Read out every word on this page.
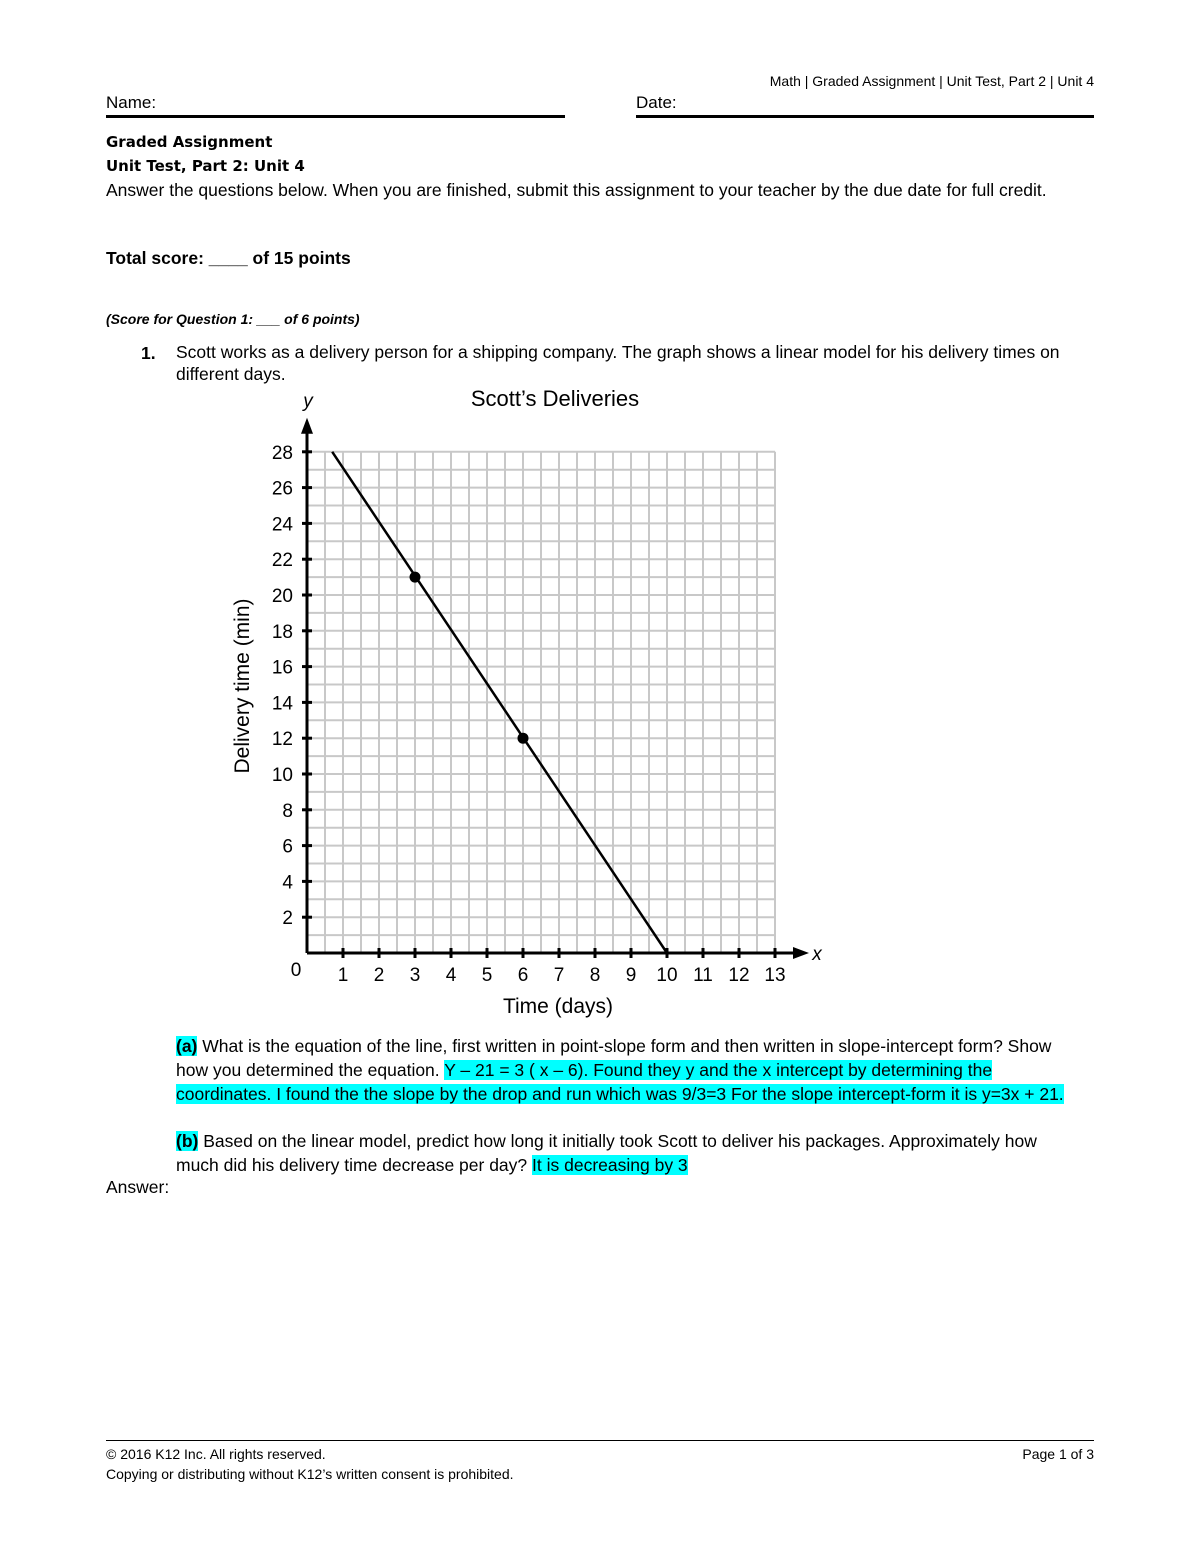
Math | Graded Assignment | Unit Test, Part 2 | Unit 4
Name:	Date:
Graded Assignment
Unit Test, Part 2: Unit 4
Answer the questions below. When you are finished, submit this assignment to your teacher by the due date for full credit.
Total score: ____ of 15 points
(Score for Question 1: ___ of 6 points)
1. Scott works as a delivery person for a shipping company. The graph shows a linear model for his delivery times on different days.
1 2 3 4 5 6 7 8 9 10 11 12 13
2
4
6
8
10
12
14
16
18
20
22
24
26
28
Scott’s Deliveries
Time (days)
Delivery time (min)
y
x
0
(a) What is the equation of the line, first written in point-slope form and then written in slope-intercept form? Show how you determined the equation. Y – 21 = 3 ( x – 6). Found they y and the x intercept by determining the coordinates. I found the the slope by the drop and run which was 9/3=3 For the slope intercept-form it is y=3x + 21.
(b) Based on the linear model, predict how long it initially took Scott to deliver his packages. Approximately how much did his delivery time decrease per day? It is decreasing by 3
Answer:
© 2016 K12 Inc. All rights reserved.
Copying or distributing without K12’s written consent is prohibited.
Page 1 of 3
